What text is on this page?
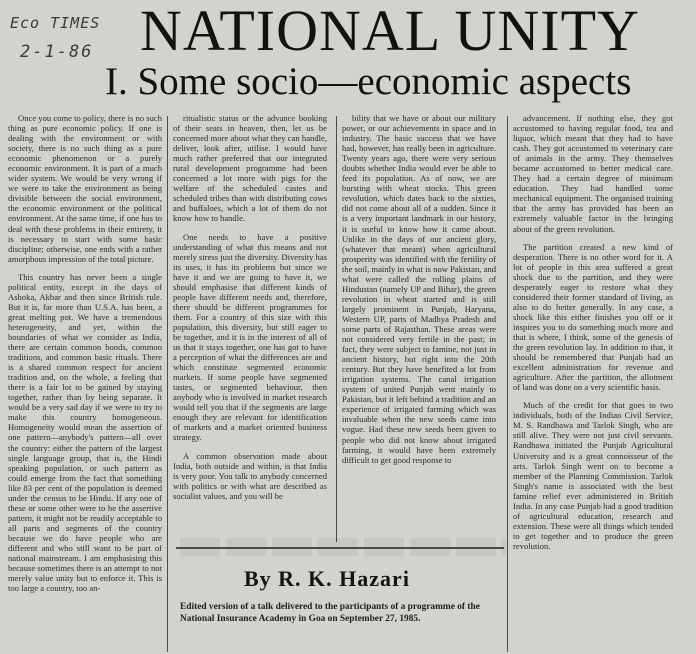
Eco TIMES
2-1-86 NATIONAL UNITY
I. Some socio—economic aspects

Once you come to policy, there is no such thing as pure economic policy. If one is dealing with the environment or with society, there is no such thing as a pure economic phenomenon or a purely economic environment. It is part of a much wider system. We would be very wrong if we were to take the environment as being divisible between the social environment, the economic environment or the political environment. At the same time, if one has to deal with these problems in their entirety, it is necessary to start with some basic discipline; otherwise, one ends with a rather amorphous impression of the total picture.

This country has never been a single political entity, except in the days of Ashoka, Akbar and then since British rule. But it is, far more than U.S.A. has been, a great melting pot. We have a tremendous heterogeneity, and yet, within the boundaries of what we consider as India, there are certain common bonds, common traditions, and common basic rituals. There is a shared common respect for ancient tradition and, on the whole, a feeling that there is a fair lot to be gained by staying together, rather than by being separate. It would be a very sad day if we were to try to make this country homogeneous. Homogeneity would mean the assertion of one pattern—anybody's pattern—all over the country: either the pattern of the largest single language group, that is, the Hindi speaking population, or such pattern as could emerge from the fact that something like 83 per cent of the population is deemed under the census to be Hindu. If any one of these or some other were to be the assertive pattern, it might not be readily acceptable to all parts and segments of the country because we do have people who are different and who still want to be part of national mainstream. I am emphasising this because sometimes there is an attempt to not merely value unity but to enforce it. This is too large a country, too an-

ritualistic status or the advance booking of their seats in heaven, then, let us be concerned more about what they can handle, deliver, look after, utilise. I would have much rather preferred that our integrated rural development programme had been concerned a lot more with pigs for the welfare of the scheduled castes and scheduled tribes than with distributing cows and buffaloes, which a lot of them do not know how to handle.

One needs to have a positive understanding of what this means and not merely stress just the diversity. Diversity has its uses, it has its problems but since we have it and we are going to have it, we should emphasise that different kinds of people have different needs and, therefore, there should be different programmes for them. For a country of this size with this population, this diversity, but still eager to be together, and it is in the interest of all of us that it stays together, one has got to have a perception of what the differences are and which constitute segmented economic markets. If some people have segmented tastes, or segmented behaviour, then anybody who is involved in market research would tell you that if the segments are large enough they are relevant for identification of markets and a market oriented business strategy.

A common observation made about India, both outside and within, is that India is very poor. You talk to anybody concerned with politics or with what are described as socialist values, and you will be

bility that we have or about our military power, or our achievements in space and in industry. The basic success that we have had, however, has really been in agriculture. Twenty years ago, there were very serious doubts whether India would ever be able to feed its population. As of now, we are bursting with wheat stocks. This green revolution, which dates back to the sixties, did not come about all of a sudden. Since it is a very important landmark in our history, it is useful to know how it came about. Unlike in the days of our ancient glory, (whatever that meant) when agricultural prosperity was identified with the fertility of the soil, mainly in what is now Pakistan, and what were called the rolling plains of Hindustan (namely UP and Bihar), the green revolution in wheat started and is still largely prominent in Punjab, Haryana, Western UP, parts of Madhya Pradesh and some parts of Rajasthan. These areas were not considered very fertile in the past; in fact, they were subject to famine, not just in ancient history, but right into the 20th century. But they have benefited a lot from irrigation systems. The canal irrigation system of united Punjab went mainly to Pakistan, but it left behind a tradition and an experience of irrigated farming which was invaluable when the new seeds came into vogue. Had these new seeds been given to people who did not know about irrigated farming, it would have been extremely difficult to get good response to

advancement. If nothing else, they got accustomed to having regular food, tea and liquor, which meant that they had to have cash. They got accustomed to veterinary care of animals in the army. They themselves became accustomed to better medical care. They had a certain degree of minimum education. They had handled some mechanical equipment. The organised training that the army has provided has been an extremely valuable factor in the bringing about of the green revolution.

The partition created a new kind of desperation. There is no other word for it. A lot of people in this area suffered a great shock due to the partition, and they were desperately eager to restore what they considered their former standard of living, as also to do better generally. In any case, a shock like this either finishes you off or it inspires you to do something much more and that is where, I think, some of the genesis of the green revolution lay. In addition to that, it should be remembered that Punjab had an excellent administration for revenue and agriculture. After the partition, the allotment of land was done on a very scientific basis.

Much of the credit for that goes to two individuals, both of the Indian Civil Service, M. S. Randhawa and Tarlok Singh, who are still alive. They were not just civil servants. Randhawa initiated the Punjab Agricultural University and is a great connoisseur of the arts. Tarlok Singh went on to become a member of the Planning Commission. Tarlok Singh's name is associated with the best famine relief ever administered in British India. In any case Punjab had a good tradition of agricultural education, research and extension. These were all things which tended to get together and to produce the green revolution.

By R. K. Hazari
Edited version of a talk delivered to the participants of a programme of the National Insurance Academy in Goa on September 27, 1985.
